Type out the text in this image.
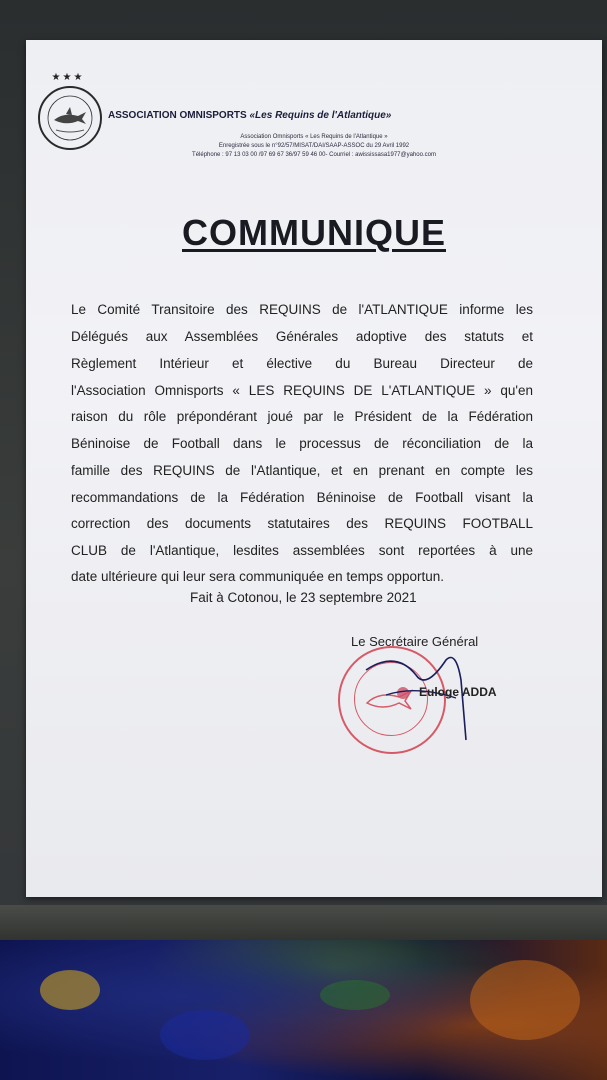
★★★
ASSOCIATION OMNISPORTS «Les Requins de l'Atlantique»
Association Omnisports « Les Requins de l'Atlantique »
Enregistrée sous le n°92/57/MISAT/DAI/SAAP-ASSOC du 29 Avril 1992
Téléphone : 97 13 03 00 /97 69 67 36/97 59 46 00- Courriel : awississasa1977@yahoo.com
COMMUNIQUE
Le Comité Transitoire des REQUINS de l'ATLANTIQUE informe les
Délégués aux Assemblées Générales adoptive des statuts et
Règlement Intérieur et élective du Bureau Directeur de
l'Association Omnisports « LES REQUINS DE L'ATLANTIQUE » qu'en
raison du rôle prépondérant joué par le Président de la Fédération
Béninoise de Football dans le processus de réconciliation de la
famille des REQUINS de l'Atlantique, et en prenant en compte les
recommandations de la Fédération Béninoise de Football visant la
correction des documents statutaires des REQUINS FOOTBALL
CLUB de l'Atlantique, lesdites assemblées sont reportées à une
date ultérieure qui leur sera communiquée en temps opportun.
Fait à Cotonou, le 23 septembre 2021
Le Secrétaire Général
Euloge ADDA
